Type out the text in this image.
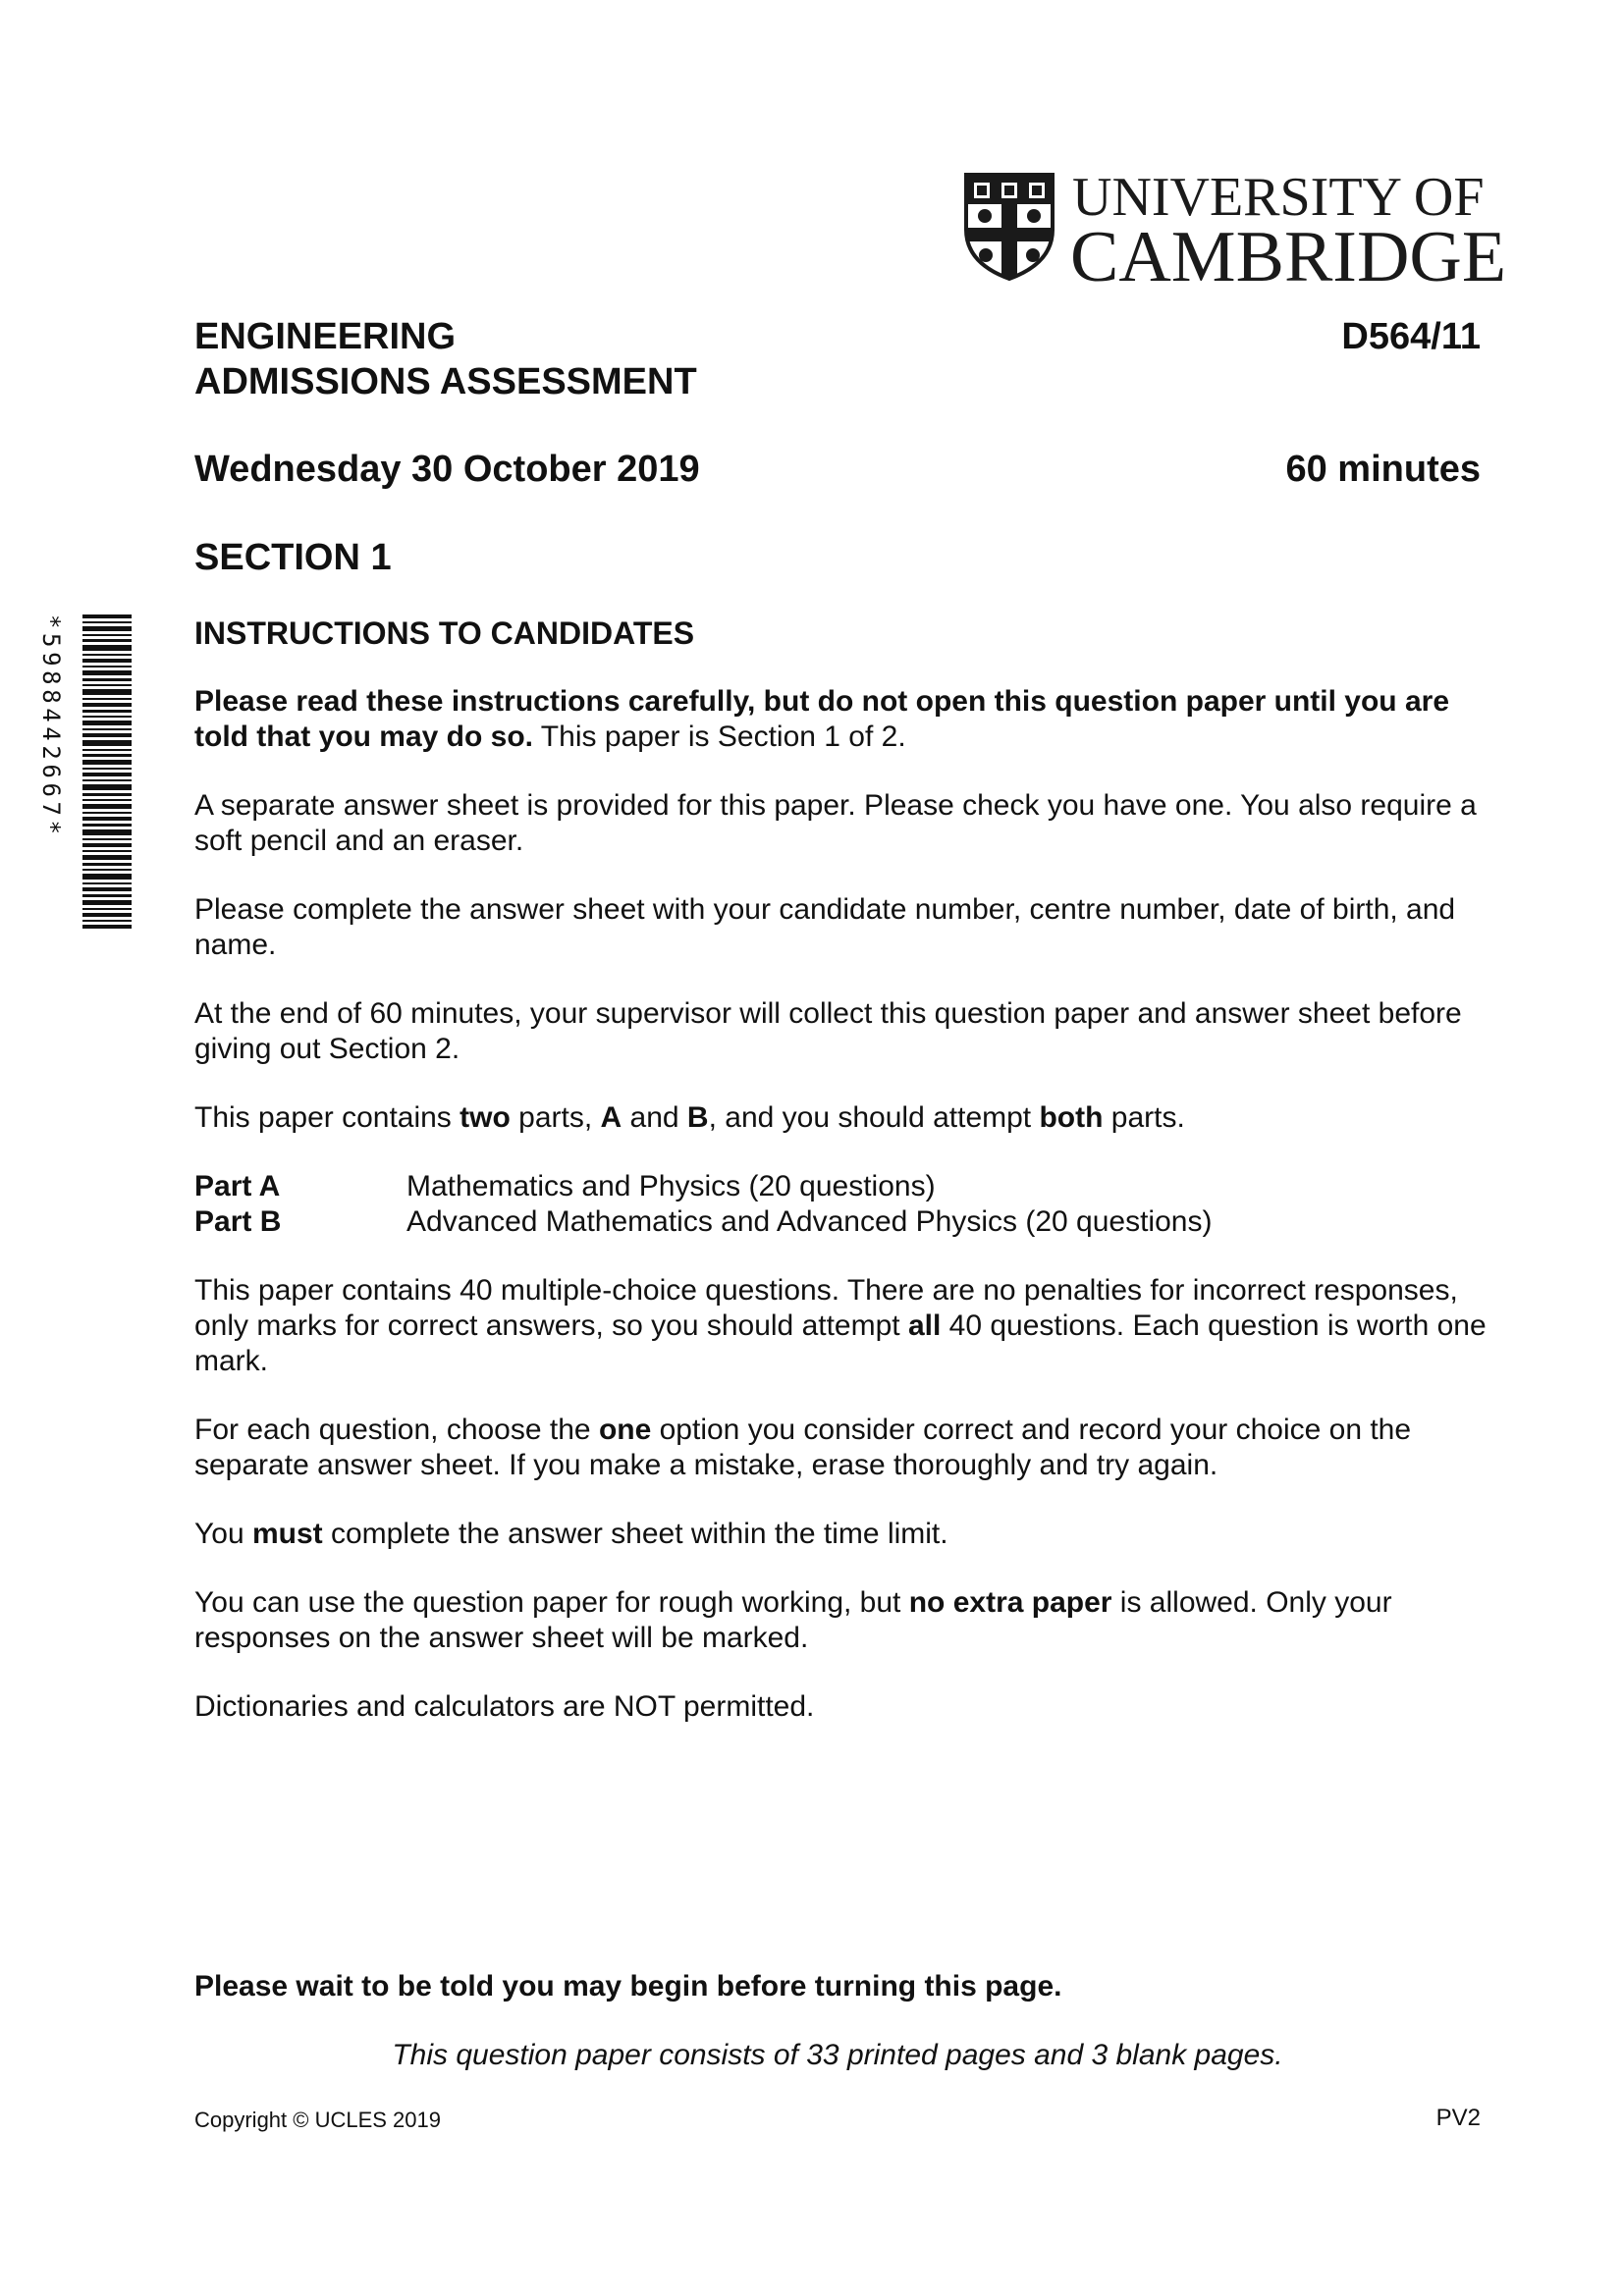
UNIVERSITY OF
CAMBRIDGE
*5988442667*
ENGINEERING
ADMISSIONS ASSESSMENT
D564/11
Wednesday 30 October 2019	60 minutes
SECTION 1
INSTRUCTIONS TO CANDIDATES

Please read these instructions carefully, but do not open this question paper until you are told that you may do so. This paper is Section 1 of 2.

A separate answer sheet is provided for this paper. Please check you have one. You also require a soft pencil and an eraser.

Please complete the answer sheet with your candidate number, centre number, date of birth, and name.

At the end of 60 minutes, your supervisor will collect this question paper and answer sheet before giving out Section 2.

This paper contains two parts, A and B, and you should attempt both parts.

Part A	Mathematics and Physics (20 questions)
Part B	Advanced Mathematics and Advanced Physics (20 questions)

This paper contains 40 multiple-choice questions. There are no penalties for incorrect responses, only marks for correct answers, so you should attempt all 40 questions. Each question is worth one mark.

For each question, choose the one option you consider correct and record your choice on the separate answer sheet. If you make a mistake, erase thoroughly and try again.

You must complete the answer sheet within the time limit.

You can use the question paper for rough working, but no extra paper is allowed. Only your responses on the answer sheet will be marked.

Dictionaries and calculators are NOT permitted.

Please wait to be told you may begin before turning this page.
This question paper consists of 33 printed pages and 3 blank pages.
Copyright © UCLES 2019	PV2
